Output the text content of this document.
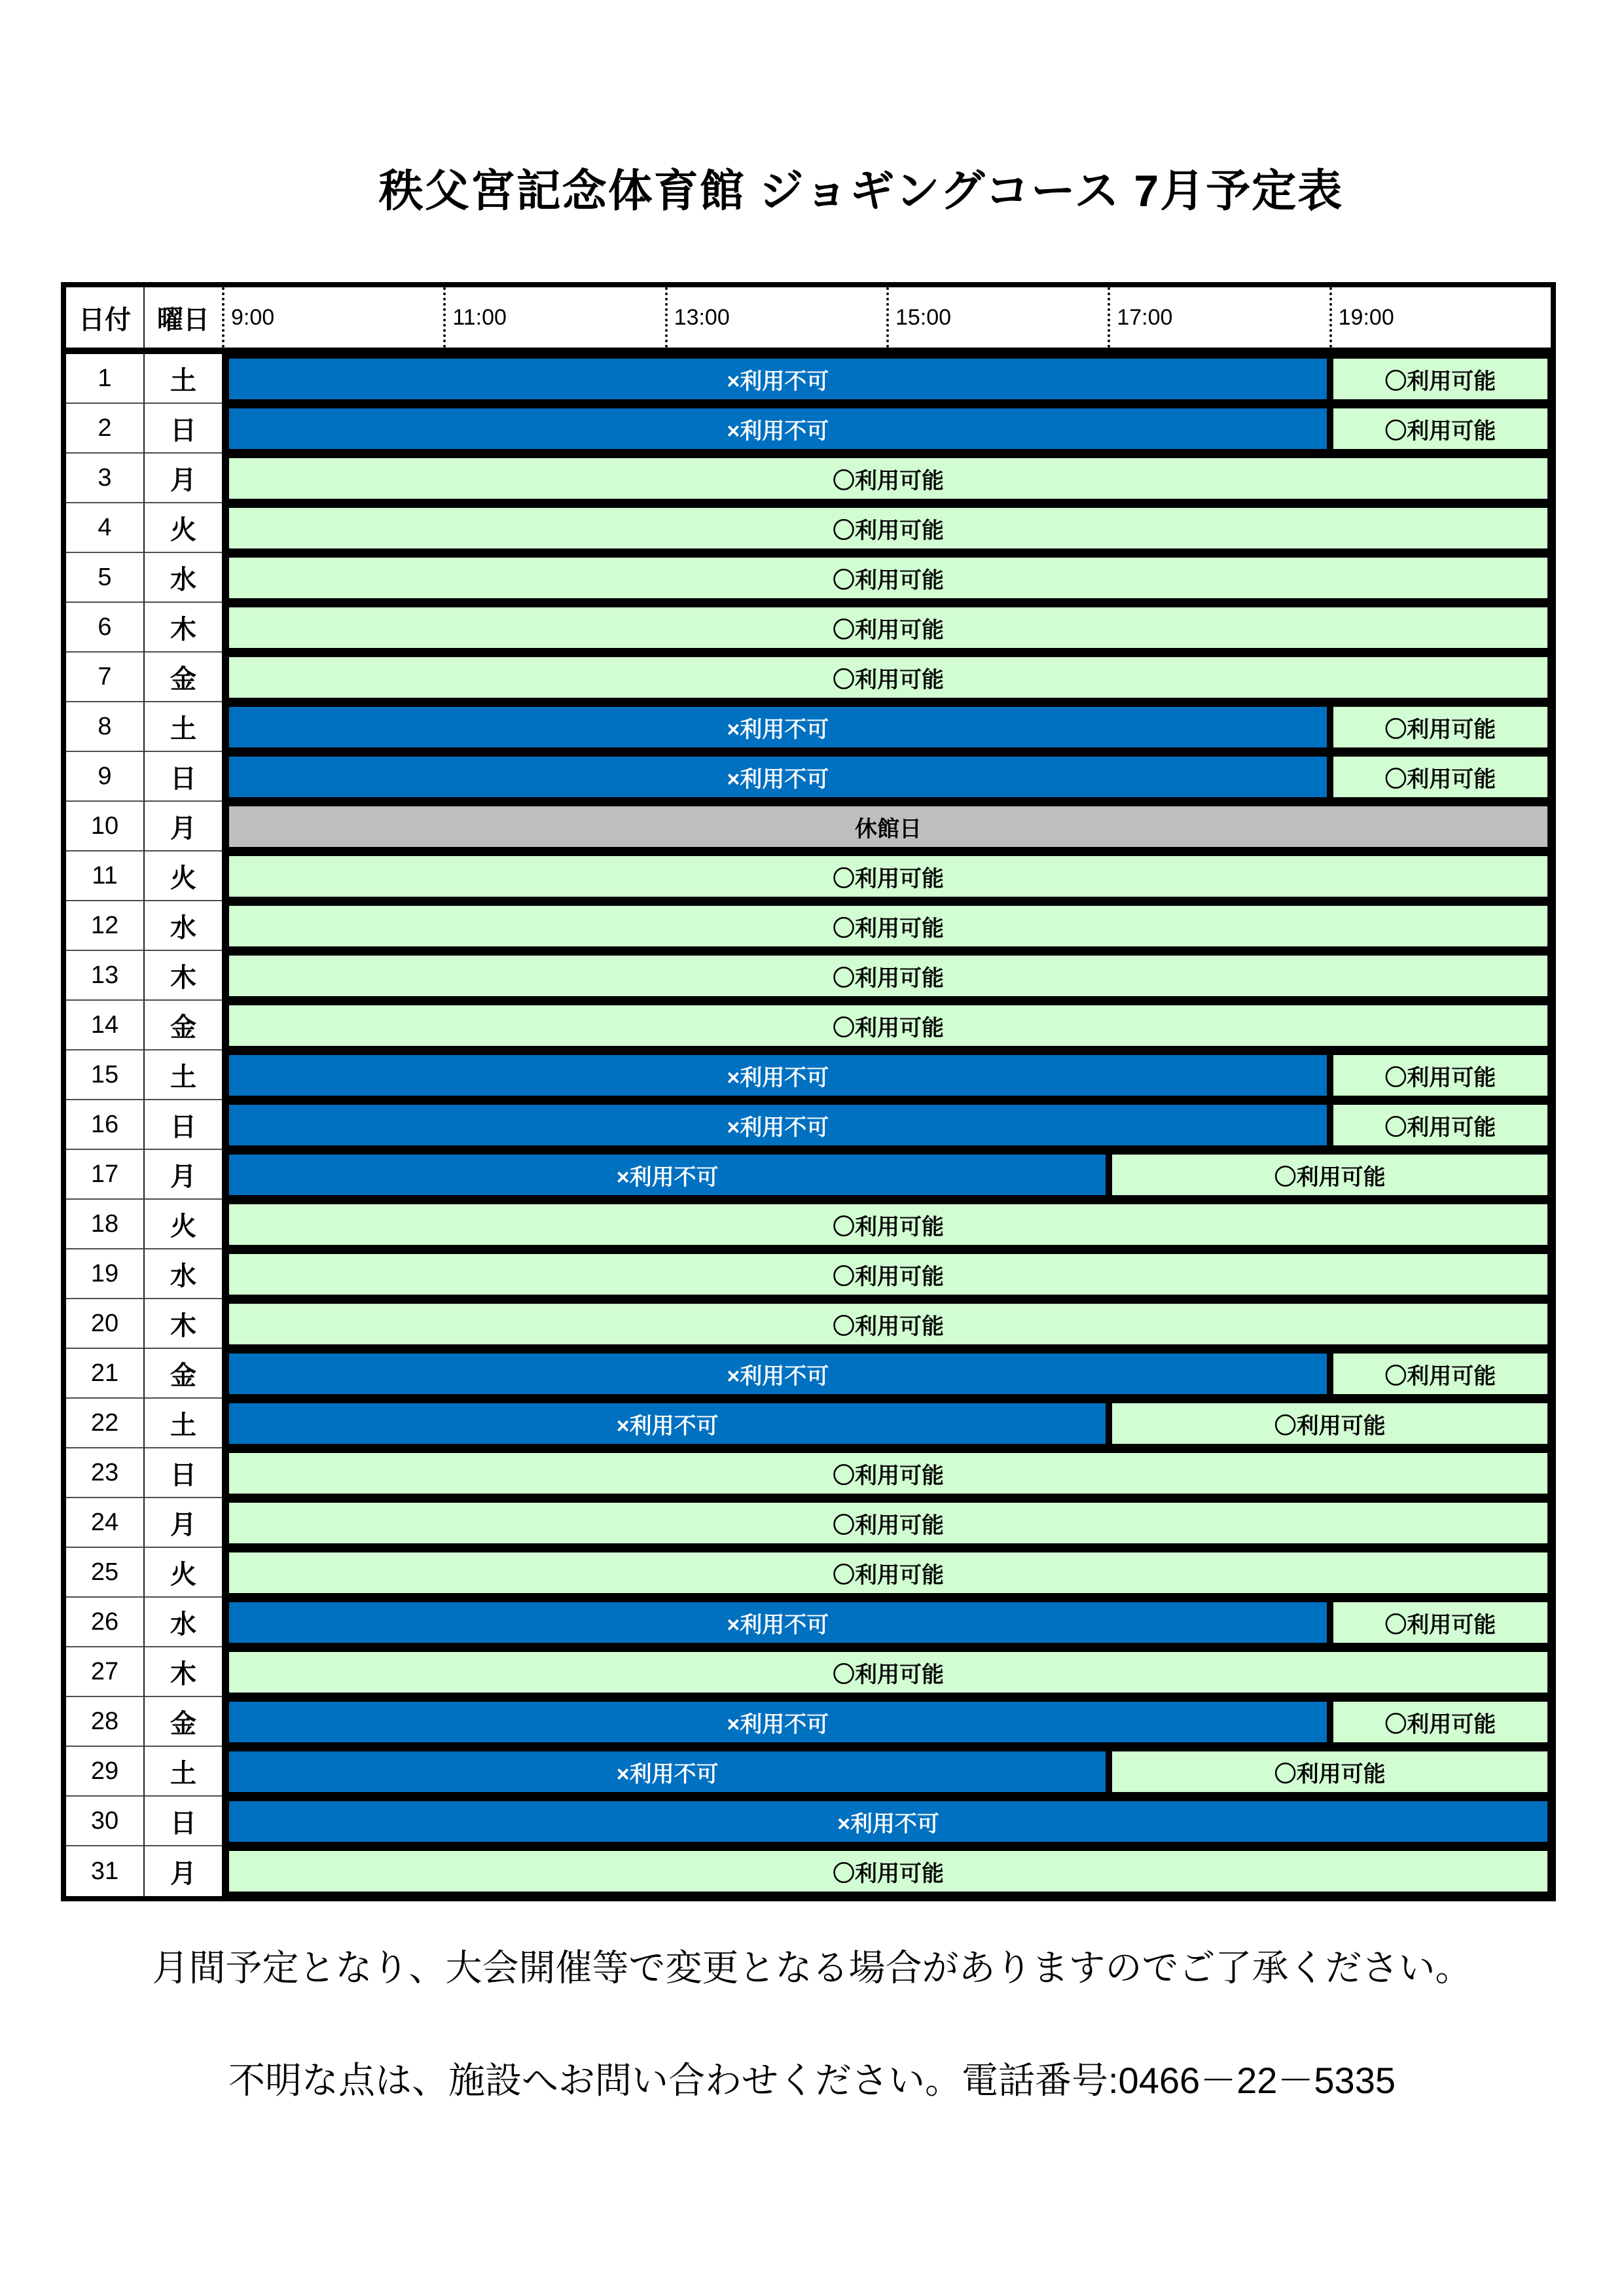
秩父宮記念体育館 ジョギングコース 7月予定表
日付	曜日 9:00	11:00	13:00	15:00	17:00	19:00
1	土	×利用不可	〇利用可能
2	日	×利用不可	〇利用可能
3	月	〇利用可能
4	火	〇利用可能
5	水	〇利用可能
6	木	〇利用可能
7	金	〇利用可能
8	土	×利用不可	〇利用可能
9	日	×利用不可	〇利用可能
10	月	休館日
11	火	〇利用可能
12	水	〇利用可能
13	木	〇利用可能
14	金	〇利用可能
15	土	×利用不可	〇利用可能
16	日	×利用不可	〇利用可能
17	月	×利用不可	〇利用可能
18	火	〇利用可能
19	水	〇利用可能
20	木	〇利用可能
21	金	×利用不可	〇利用可能
22	土	×利用不可	〇利用可能
23	日	〇利用可能
24	月	〇利用可能
25	火	〇利用可能
26	水	×利用不可	〇利用可能
27	木	〇利用可能
28	金	×利用不可	〇利用可能
29	土	×利用不可	〇利用可能
30	日	×利用不可
31	月	〇利用可能

月間予定となり、大会開催等で変更となる場合がありますのでご了承ください。

不明な点は、施設へお問い合わせください。電話番号:0466－22－5335
